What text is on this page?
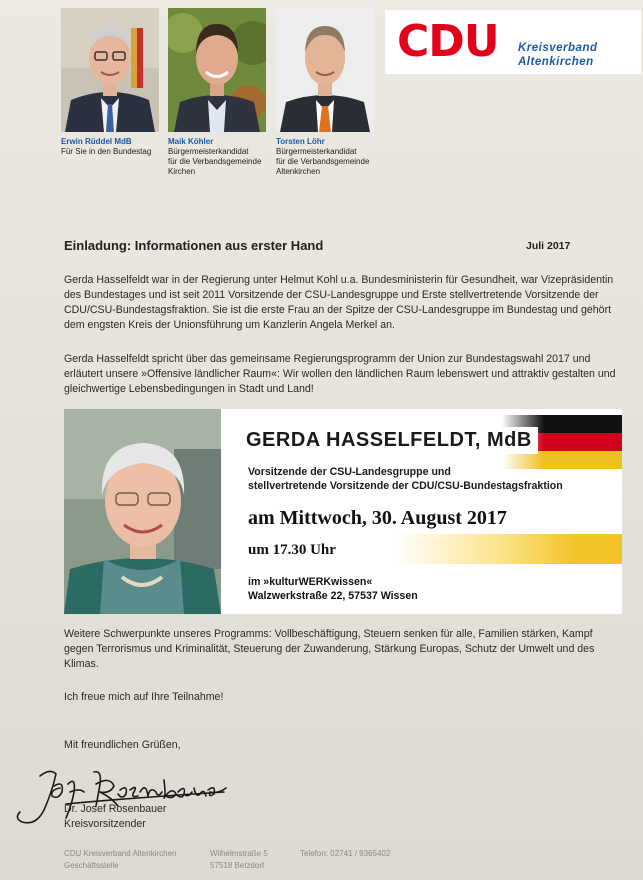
Erwin Rüddel MdB
Für Sie in den Bundestag
Maik Köhler
Bürgermeisterkandidat
für die Verbandsgemeinde
Kirchen
Torsten Löhr
Bürgermeisterkandidat
für die Verbandsgemeinde
Altenkirchen
CDU Kreisverband
Altenkirchen
Einladung: Informationen aus erster Hand	Juli 2017
Gerda Hasselfeldt war in der Regierung unter Helmut Kohl u.a. Bundesministerin für Gesundheit, war Vizepräsidentin des Bundestages und ist seit 2011 Vorsitzende der CSU-Landesgruppe und Erste stellvertretende Vorsitzende der CDU/CSU-Bundestagsfraktion. Sie ist die erste Frau an der Spitze der CSU-Landesgruppe im Bundestag und gehört dem engsten Kreis der Unionsführung um Kanzlerin Angela Merkel an.
Gerda Hasselfeldt spricht über das gemeinsame Regierungsprogramm der Union zur Bundestagswahl 2017 und erläutert unsere »Offensive ländlicher Raum«: Wir wollen den ländlichen Raum lebenswert und attraktiv gestalten und gleichwertige Lebensbedingungen in Stadt und Land!
GERDA HASSELFELDT, MdB
Vorsitzende der CSU-Landesgruppe und
stellvertretende Vorsitzende der CDU/CSU-Bundestagsfraktion
am Mittwoch, 30. August 2017
um 17.30 Uhr
im »kulturWERKwissen«
Walzwerkstraße 22, 57537 Wissen
Weitere Schwerpunkte unseres Programms: Vollbeschäftigung, Steuern senken für alle, Familien stärken, Kampf gegen Terrorismus und Kriminalität, Steuerung der Zuwanderung, Stärkung Europas, Schutz der Umwelt und des Klimas.
Ich freue mich auf Ihre Teilnahme!
Mit freundlichen Grüßen,
Dr. Josef Rosenbauer
Kreisvorsitzender
CDU Kreisverband Altenkirchen
Geschäftsstelle
Wilhelmstraße 5
57518 Betzdorf
Telefon: 02741 / 9365402
